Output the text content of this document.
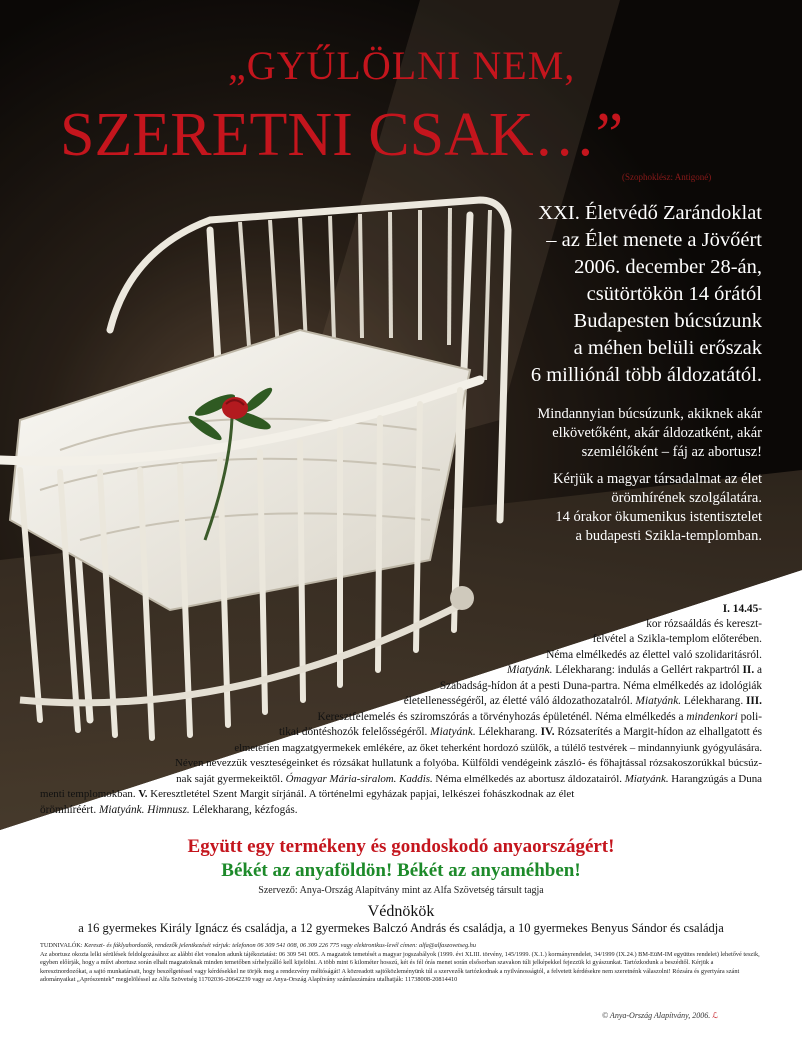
„GYŰLÖLNI NEM,
SZERETNI CSAK…”
(Szophoklész: Antigoné)
XXI. Életvédő Zarándoklat
– az Élet menete a Jövőért
2006. december 28-án,
csütörtökön 14 órától
Budapesten búcsúzunk
a méhen belüli erőszak
6 milliónál több áldozatától.
Mindannyian búcsúzunk, akiknek akár
elkövetőként, akár áldozatként, akár
szemlélőként – fáj az abortusz!
Kérjük a magyar társadalmat az élet
örömhírének szolgálatára.
14 órakor ökumenikus istentisztelet
a budapesti Szikla-templomban.
I. 14.45-
kor rózsaáldás és kereszt-
felvétel a Szikla-templom előterében.
Néma elmélkedés az élettel való szolidaritásról.
Miatyánk. Lélekharang: indulás a Gellért rakpartról II. a
Szabadság-hídon át a pesti Duna-partra. Néma elmélkedés az idológiák
életellenességéről, az életté váló áldozathozatalról. Miatyánk. Lélekharang. III.
Keresztfelemelés és sziromszórás a törvényhozás épületénél. Néma elmélkedés a mindenkori poli-
tikai döntéshozók felelősségéről. Miatyánk. Lélekharang. IV. Rózsaterítés a Margit-hídon az elhallgatott és
elmeteríen magzatgyermekek emlékére, az őket teherként hordozó szülők, a túlélő testvérek – mindannyiunk gyógyulására.
Néven nevezzük veszteségeinket és rózsákat hullatunk a folyóba. Külföldi vendégeink zászló- és főhajtással rózsakoszorúkkal búcsúz-
nak saját gyermekeiktől. Ómagyar Mária-siralom. Kaddis. Néma elmélkedés az abortusz áldozatairól. Miatyánk. Harangzúgás a Duna
menti templomokban. V. Keresztletétel Szent Margit sírjánál. A történelmi egyházak papjai, lelkészei fohászkodnak az élet
örömhíréért. Miatyánk. Himnusz. Lélekharang, kézfogás.
Együtt egy termékeny és gondoskodó anyaországért!
Békét az anyaföldön! Békét az anyaméhben!
Szervező: Anya-Ország Alapítvány mint az Alfa Szövetség társult tagja
Védnökök
a 16 gyermekes Király Ignácz és családja, a 12 gyermekes Balczó András és családja, a 10 gyermekes Benyus Sándor és családja
TUDNIVALÓK: Kereszt- és fáklyahordozók, rendezők jelentkezését várjuk: telefonon 06 309 541 008, 06 309 226 775 vagy elektronikus-levél címen: alfa@alfaszovetseg.hu
Az abortusz okozta lelki sérülések feldolgozásához az alábbi élet vonalon adunk tájékoztatást: 06 309 541 005. A magzatok temetését a magyar jogszabályok (1999. évi XLIII. törvény, 145/1999. (X.1.) kormányrendelet, 34/1999 (IX.24.) BM-EüM-IM együttes rendelet) lehetővé teszik, egyben előírják, hogy a művi abortusz során elhalt magzatoknak minden temetőben sírhelyzálló kell kijelölni. A több mint 6 kilométer hosszú, két és fél órás menet során elsősorban szavakon túli jelképekkel fejezzük ki gyászunkat. Tartózkodunk a beszédtől. Kérjük a keresztnordozókat, a sajtó munkatársait, hogy beszélgetéssel vagy kérdésekkel ne törjék meg a rendezvény méltóságát! A közreadott sajtóközleményünk túl a szervezők tartózkodnak a nyilvánosságtól, a felvetett kérdésekre nem szeretnénk válaszolni! Rózsára és gyertyára szánt adományaikat „Aprószentek” megjelöléssel az Alfa Szövetség 11702036-20642239 vagy az Anya-Ország Alapítvány számlaszámára utalhatják: 11738008-20814410
© Anya-Ország Alapítvány, 2006. ℒ
